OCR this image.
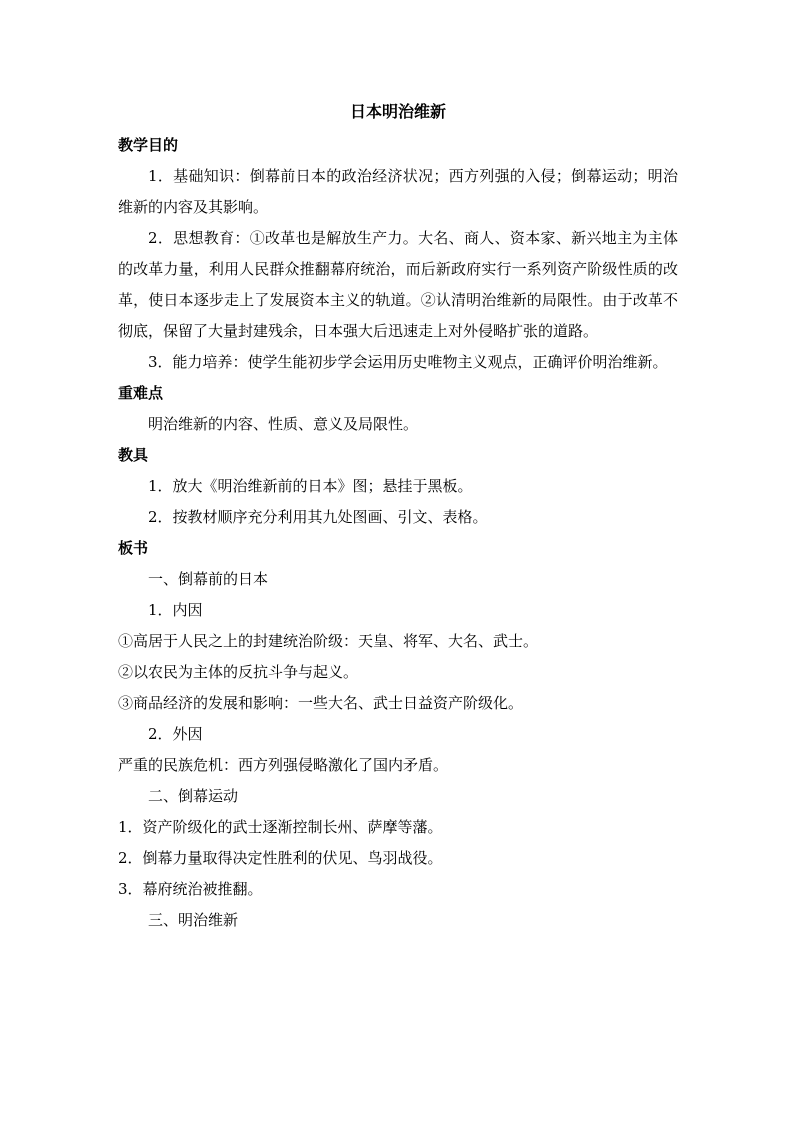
日本明治维新
教学目的

1．基础知识：倒幕前日本的政治经济状况；西方列强的入侵；倒幕运动；明治维新的内容及其影响。

2．思想教育：①改革也是解放生产力。大名、商人、资本家、新兴地主为主体的改革力量，利用人民群众推翻幕府统治，而后新政府实行一系列资产阶级性质的改革，使日本逐步走上了发展资本主义的轨道。②认清明治维新的局限性。由于改革不彻底，保留了大量封建残余，日本强大后迅速走上对外侵略扩张的道路。

3．能力培养：使学生能初步学会运用历史唯物主义观点，正确评价明治维新。

重难点

明治维新的内容、性质、意义及局限性。

教具

1．放大《明治维新前的日本》图；悬挂于黑板。

2．按教材顺序充分利用其九处图画、引文、表格。

板书

一、倒幕前的日本

1．内因

①高居于人民之上的封建统治阶级：天皇、将军、大名、武士。

②以农民为主体的反抗斗争与起义。

③商品经济的发展和影响：一些大名、武士日益资产阶级化。

2．外因

严重的民族危机：西方列强侵略激化了国内矛盾。

二、倒幕运动

1．资产阶级化的武士逐渐控制长州、萨摩等藩。

2．倒幕力量取得决定性胜利的伏见、鸟羽战役。

3．幕府统治被推翻。

三、明治维新
